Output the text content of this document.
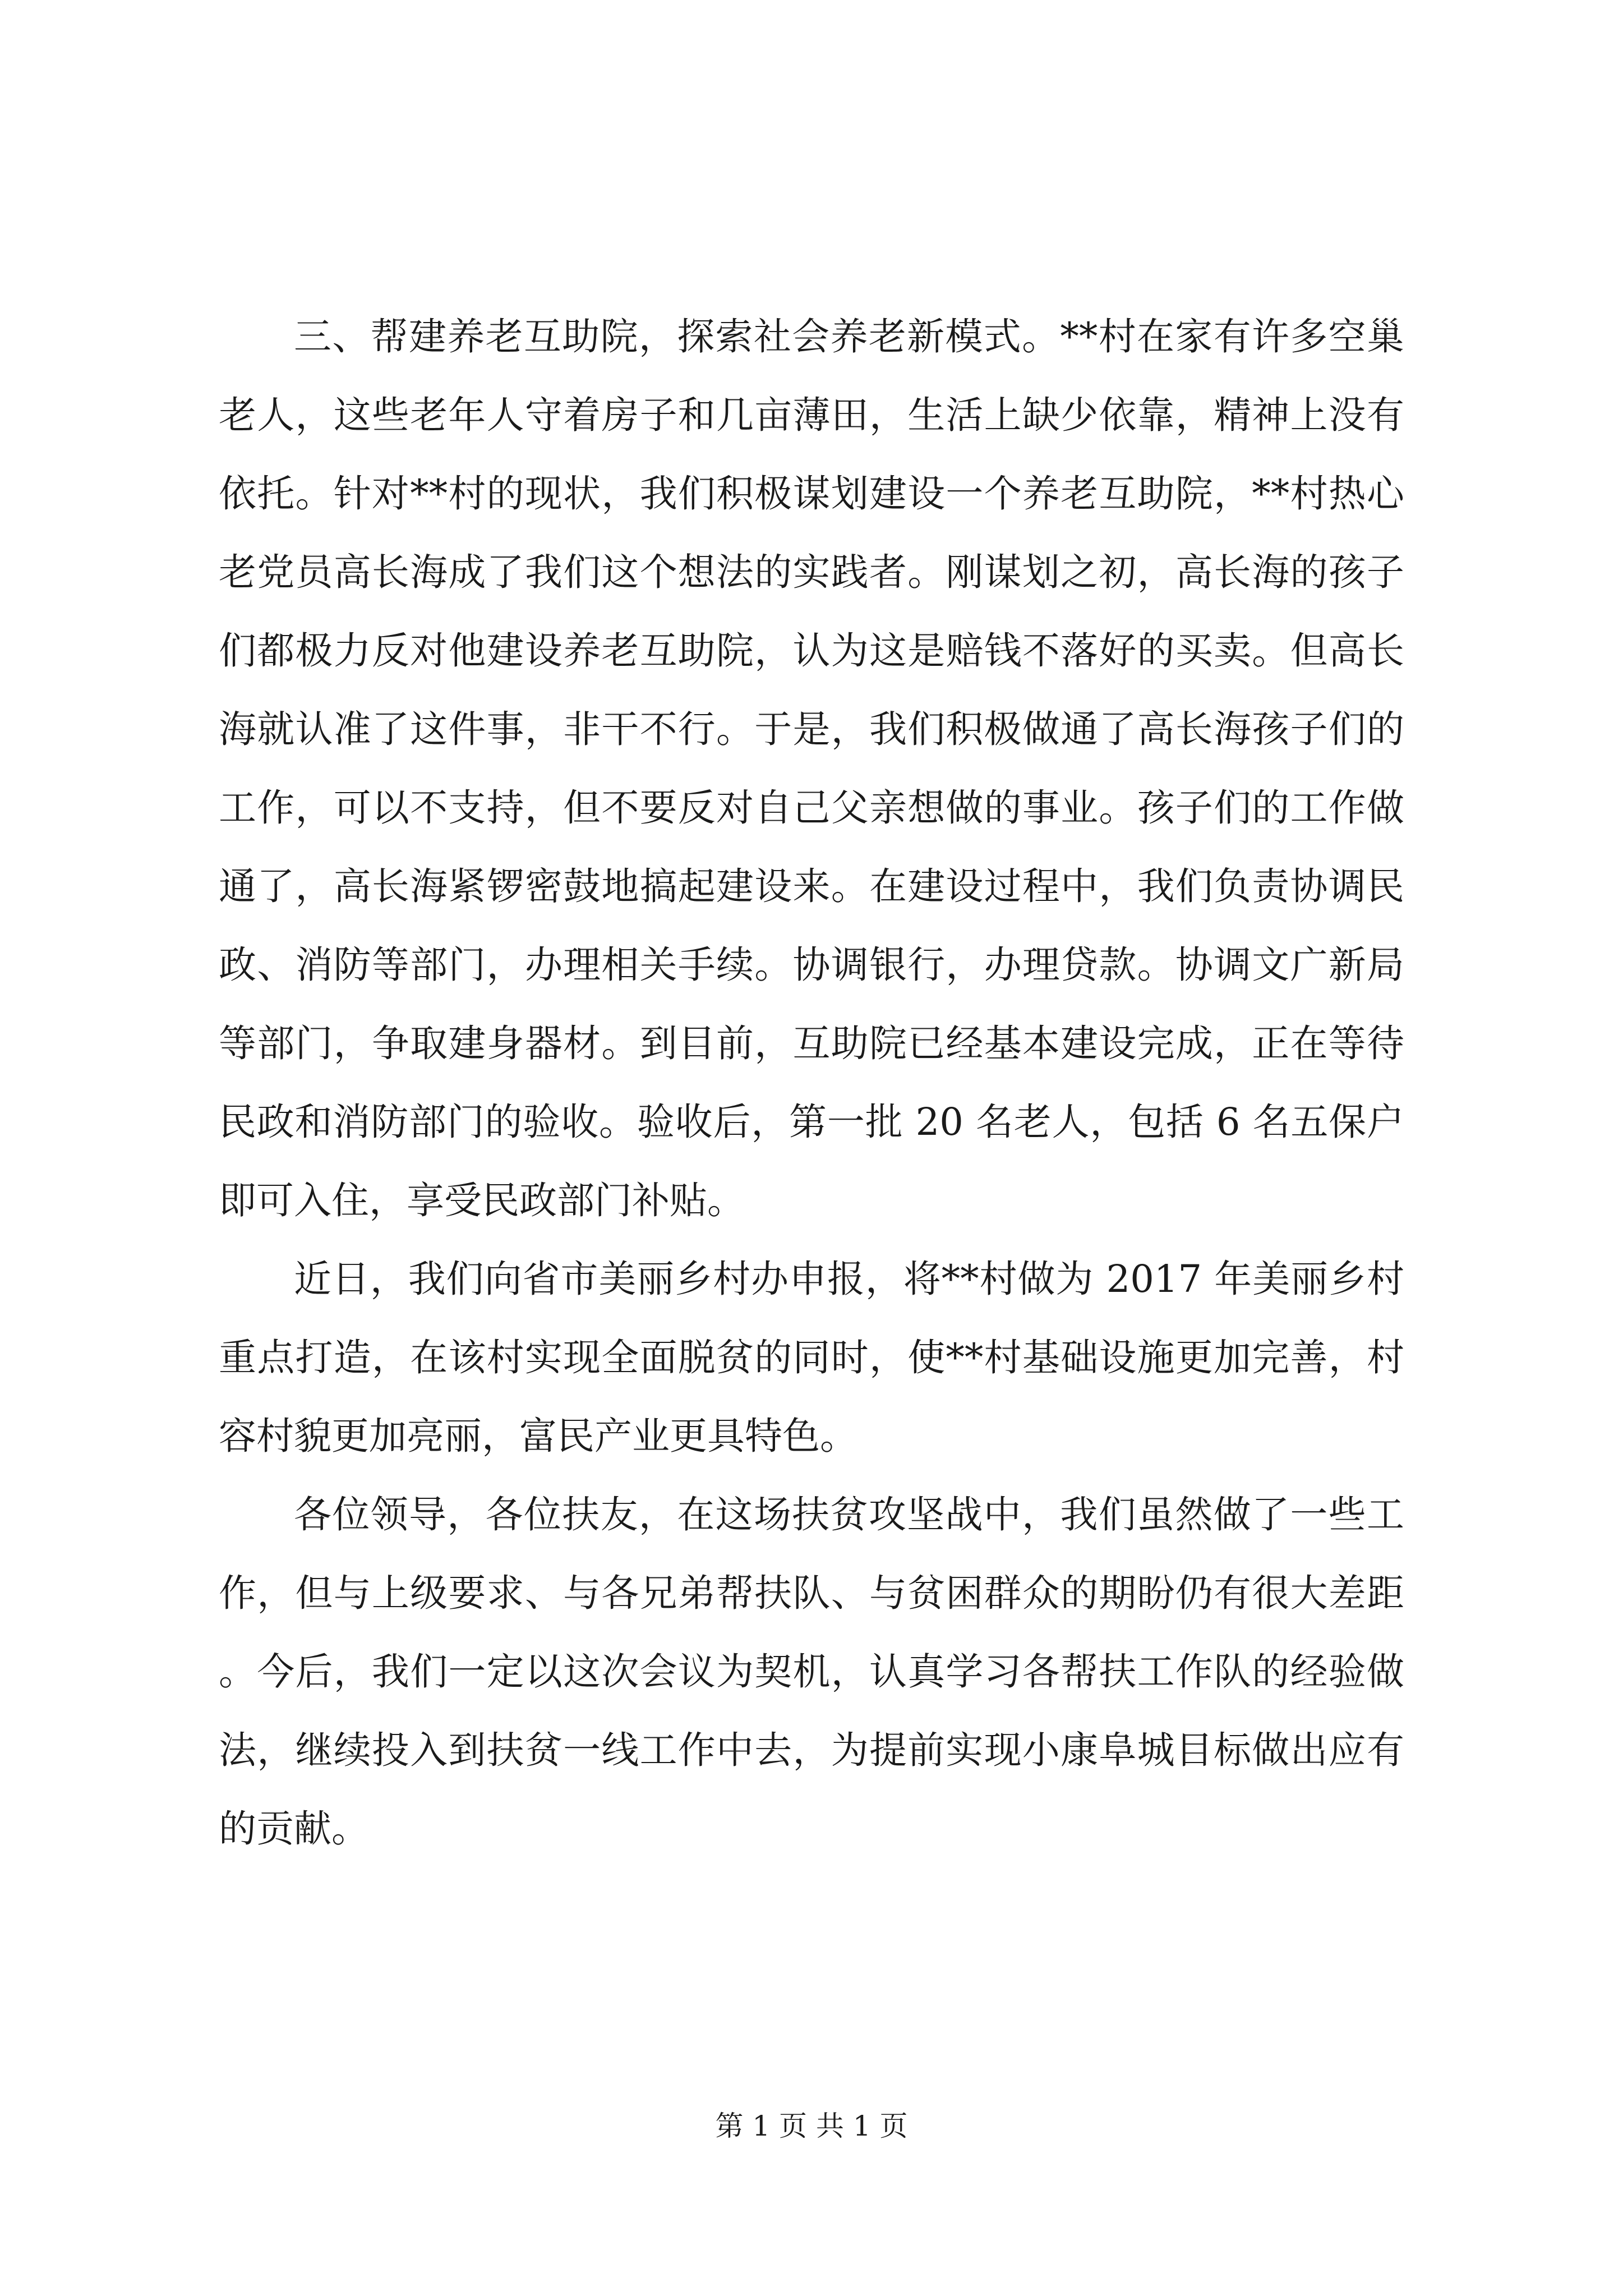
三、帮建养老互助院，探索社会养老新模式。**村在家有许多空巢老人，这些老年人守着房子和几亩薄田，生活上缺少依靠，精神上没有依托。针对**村的现状，我们积极谋划建设一个养老互助院，**村热心老党员高长海成了我们这个想法的实践者。刚谋划之初，高长海的孩子们都极力反对他建设养老互助院，认为这是赔钱不落好的买卖。但高长海就认准了这件事，非干不行。于是，我们积极做通了高长海孩子们的工作，可以不支持，但不要反对自己父亲想做的事业。孩子们的工作做通了，高长海紧锣密鼓地搞起建设来。在建设过程中，我们负责协调民政、消防等部门，办理相关手续。协调银行，办理贷款。协调文广新局等部门，争取建身器材。到目前，互助院已经基本建设完成，正在等待民政和消防部门的验收。验收后，第一批 20 名老人，包括 6 名五保户即可入住，享受民政部门补贴。

近日，我们向省市美丽乡村办申报，将**村做为 2017 年美丽乡村重点打造，在该村实现全面脱贫的同时，使**村基础设施更加完善，村容村貌更加亮丽，富民产业更具特色。

各位领导，各位扶友，在这场扶贫攻坚战中，我们虽然做了一些工作，但与上级要求、与各兄弟帮扶队、与贫困群众的期盼仍有很大差距。今后，我们一定以这次会议为契机，认真学习各帮扶工作队的经验做法，继续投入到扶贫一线工作中去，为提前实现小康阜城目标做出应有的贡献。

第 1 页 共 1 页
